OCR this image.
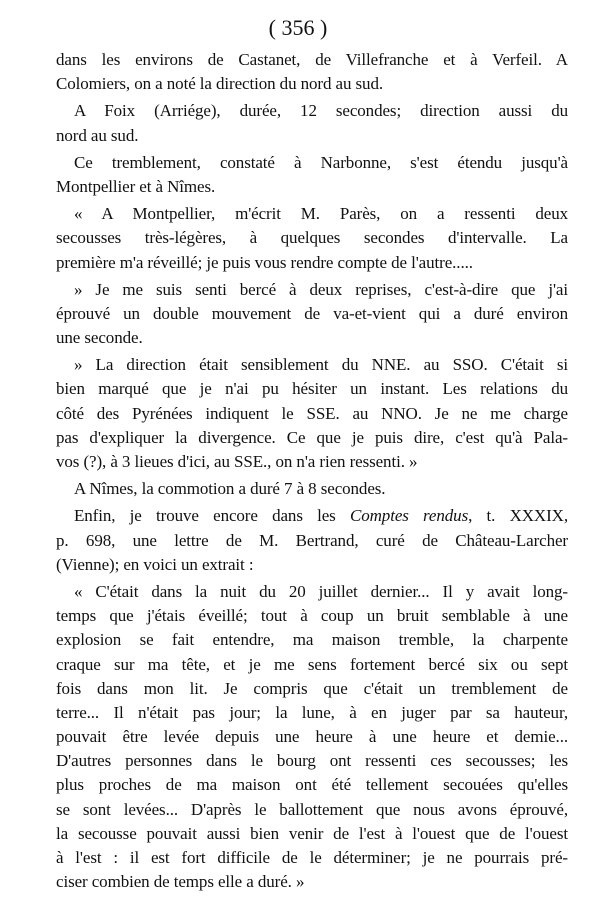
( 356 )
dans les environs de Castanet, de Villefranche et à Verfeil. A
Colomiers, on a noté la direction du nord au sud.
A Foix (Arriége), durée, 12 secondes; direction aussi du
nord au sud.
Ce tremblement, constaté à Narbonne, s'est étendu jusqu'à
Montpellier et à Nîmes.
« A Montpellier, m'écrit M. Parès, on a ressenti deux
secousses très-légères, à quelques secondes d'intervalle. La
première m'a réveillé; je puis vous rendre compte de l'autre.....
» Je me suis senti bercé à deux reprises, c'est-à-dire que j'ai
éprouvé un double mouvement de va-et-vient qui a duré environ
une seconde.
» La direction était sensiblement du NNE. au SSO. C'était si
bien marqué que je n'ai pu hésiter un instant. Les relations du
côté des Pyrénées indiquent le SSE. au NNO. Je ne me charge
pas d'expliquer la divergence. Ce que je puis dire, c'est qu'à Pala-
vos (?), à 3 lieues d'ici, au SSE., on n'a rien ressenti. »
A Nîmes, la commotion a duré 7 à 8 secondes.
Enfin, je trouve encore dans les Comptes rendus, t. XXXIX,
p. 698, une lettre de M. Bertrand, curé de Château-Larcher
(Vienne); en voici un extrait :
« C'était dans la nuit du 20 juillet dernier... Il y avait long-
temps que j'étais éveillé; tout à coup un bruit semblable à une
explosion se fait entendre, ma maison tremble, la charpente
craque sur ma tête, et je me sens fortement bercé six ou sept
fois dans mon lit. Je compris que c'était un tremblement de
terre... Il n'était pas jour; la lune, à en juger par sa hauteur,
pouvait être levée depuis une heure à une heure et demie...
D'autres personnes dans le bourg ont ressenti ces secousses; les
plus proches de ma maison ont été tellement secouées qu'elles
se sont levées... D'après le ballottement que nous avons éprouvé,
la secousse pouvait aussi bien venir de l'est à l'ouest que de l'ouest
à l'est : il est fort difficile de le déterminer; je ne pourrais pré-
ciser combien de temps elle a duré. »
